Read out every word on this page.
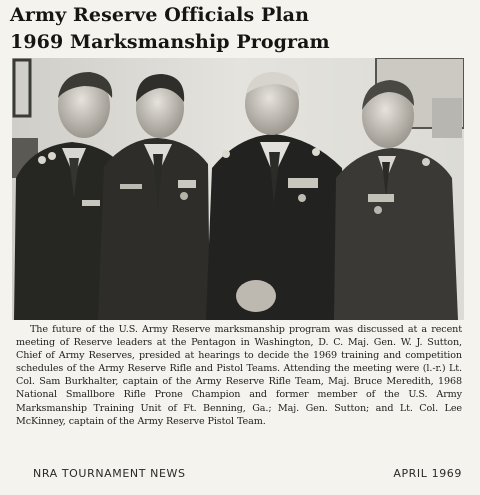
Army Reserve Officials Plan
1969 Marksmanship Program
The future of the U.S. Army Reserve marksmanship program was discussed at a recent meeting of Reserve leaders at the Pentagon in Washington, D. C. Maj. Gen. W. J. Sutton, Chief of Army Reserves, presided at hearings to decide the 1969 training and competition schedules of the Army Reserve Rifle and Pistol Teams. Attending the meeting were (l.-r.) Lt. Col. Sam Burkhalter, captain of the Army Reserve Rifle Team, Maj. Bruce Meredith, 1968 National Smallbore Rifle Prone Champion and former member of the U.S. Army Marksmanship Training Unit of Ft. Benning, Ga.; Maj. Gen. Sutton; and Lt. Col. Lee McKinney, captain of the Army Reserve Pistol Team.
NRA TOURNAMENT NEWS	APRIL 1969
